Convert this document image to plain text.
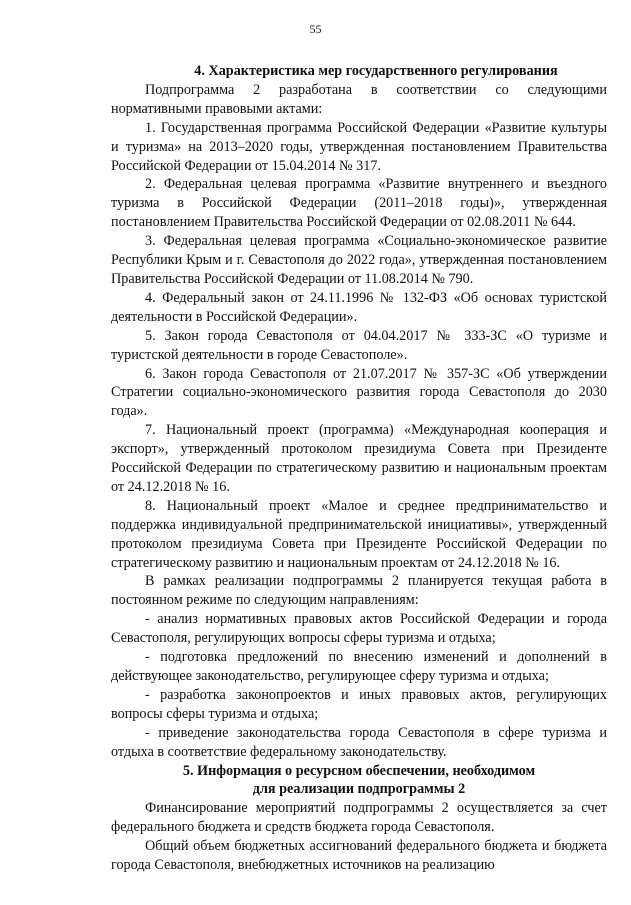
55

4. Характеристика мер государственного регулирования

Подпрограмма 2 разработана в соответствии со следующими нормативными правовыми актами:

1. Государственная программа Российской Федерации «Развитие культуры и туризма» на 2013–2020 годы, утвержденная постановлением Правительства Российской Федерации от 15.04.2014 № 317.

2. Федеральная целевая программа «Развитие внутреннего и въездного туризма в Российской Федерации (2011–2018 годы)», утвержденная постановлением Правительства Российской Федерации от 02.08.2011 № 644.

3. Федеральная целевая программа «Социально-экономическое развитие Республики Крым и г. Севастополя до 2022 года», утвержденная постановлением Правительства Российской Федерации от 11.08.2014 № 790.

4. Федеральный закон от 24.11.1996 № 132-ФЗ «Об основах туристской деятельности в Российской Федерации».

5. Закон города Севастополя от 04.04.2017 № 333-ЗС «О туризме и туристской деятельности в городе Севастополе».

6. Закон города Севастополя от 21.07.2017 № 357-ЗС «Об утверждении Стратегии социально-экономического развития города Севастополя до 2030 года».

7. Национальный проект (программа) «Международная кооперация и экспорт», утвержденный протоколом президиума Совета при Президенте Российской Федерации по стратегическому развитию и национальным проектам от 24.12.2018 № 16.

8. Национальный проект «Малое и среднее предпринимательство и поддержка индивидуальной предпринимательской инициативы», утвержденный протоколом президиума Совета при Президенте Российской Федерации по стратегическому развитию и национальным проектам от 24.12.2018 № 16.

В рамках реализации подпрограммы 2 планируется текущая работа в постоянном режиме по следующим направлениям:

- анализ нормативных правовых актов Российской Федерации и города Севастополя, регулирующих вопросы сферы туризма и отдыха;

- подготовка предложений по внесению изменений и дополнений в действующее законодательство, регулирующее сферу туризма и отдыха;

- разработка законопроектов и иных правовых актов, регулирующих вопросы сферы туризма и отдыха;

- приведение законодательства города Севастополя в сфере туризма и отдыха в соответствие федеральному законодательству.

5. Информация о ресурсном обеспечении, необходимом

для реализации подпрограммы 2

Финансирование мероприятий подпрограммы 2 осуществляется за счет федерального бюджета и средств бюджета города Севастополя.

Общий объем бюджетных ассигнований федерального бюджета и бюджета города Севастополя, внебюджетных источников на реализацию
